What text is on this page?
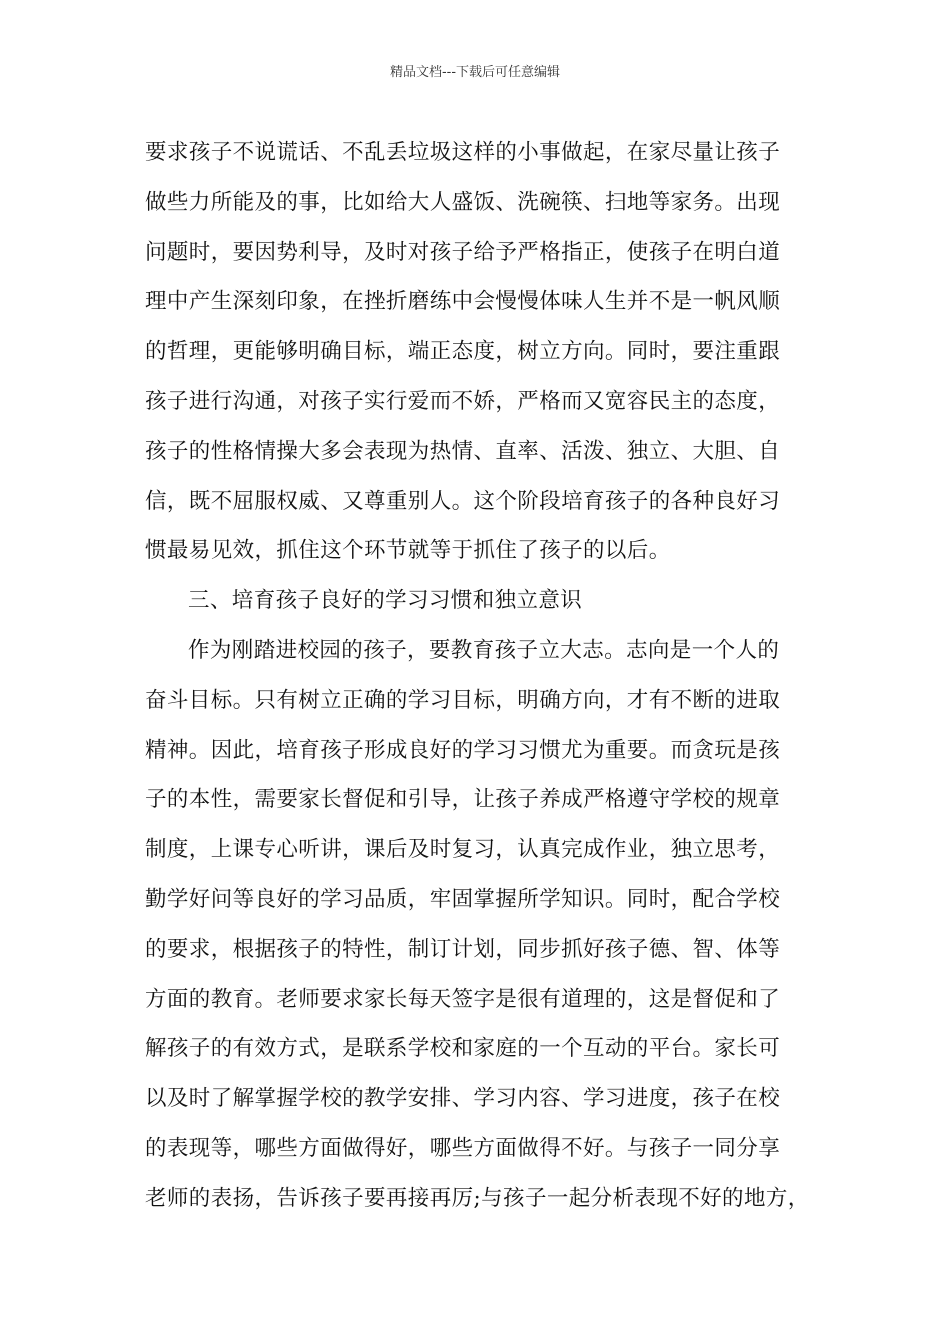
精品文档---下载后可任意编辑
要求孩子不说谎话、不乱丢垃圾这样的小事做起，在家尽量让孩子
做些力所能及的事，比如给大人盛饭、洗碗筷、扫地等家务。出现
问题时，要因势利导，及时对孩子给予严格指正，使孩子在明白道
理中产生深刻印象，在挫折磨练中会慢慢体味人生并不是一帆风顺
的哲理，更能够明确目标，端正态度，树立方向。同时，要注重跟
孩子进行沟通，对孩子实行爱而不娇，严格而又宽容民主的态度，
孩子的性格情操大多会表现为热情、直率、活泼、独立、大胆、自
信，既不屈服权威、又尊重别人。这个阶段培育孩子的各种良好习
惯最易见效，抓住这个环节就等于抓住了孩子的以后。
三、培育孩子良好的学习习惯和独立意识
作为刚踏进校园的孩子，要教育孩子立大志。志向是一个人的
奋斗目标。只有树立正确的学习目标，明确方向，才有不断的进取
精神。因此，培育孩子形成良好的学习习惯尤为重要。而贪玩是孩
子的本性，需要家长督促和引导，让孩子养成严格遵守学校的规章
制度，上课专心听讲，课后及时复习，认真完成作业，独立思考，
勤学好问等良好的学习品质，牢固掌握所学知识。同时，配合学校
的要求，根据孩子的特性，制订计划，同步抓好孩子德、智、体等
方面的教育。老师要求家长每天签字是很有道理的，这是督促和了
解孩子的有效方式，是联系学校和家庭的一个互动的平台。家长可
以及时了解掌握学校的教学安排、学习内容、学习进度，孩子在校
的表现等，哪些方面做得好，哪些方面做得不好。与孩子一同分享
老师的表扬，告诉孩子要再接再厉;与孩子一起分析表现不好的地方，
